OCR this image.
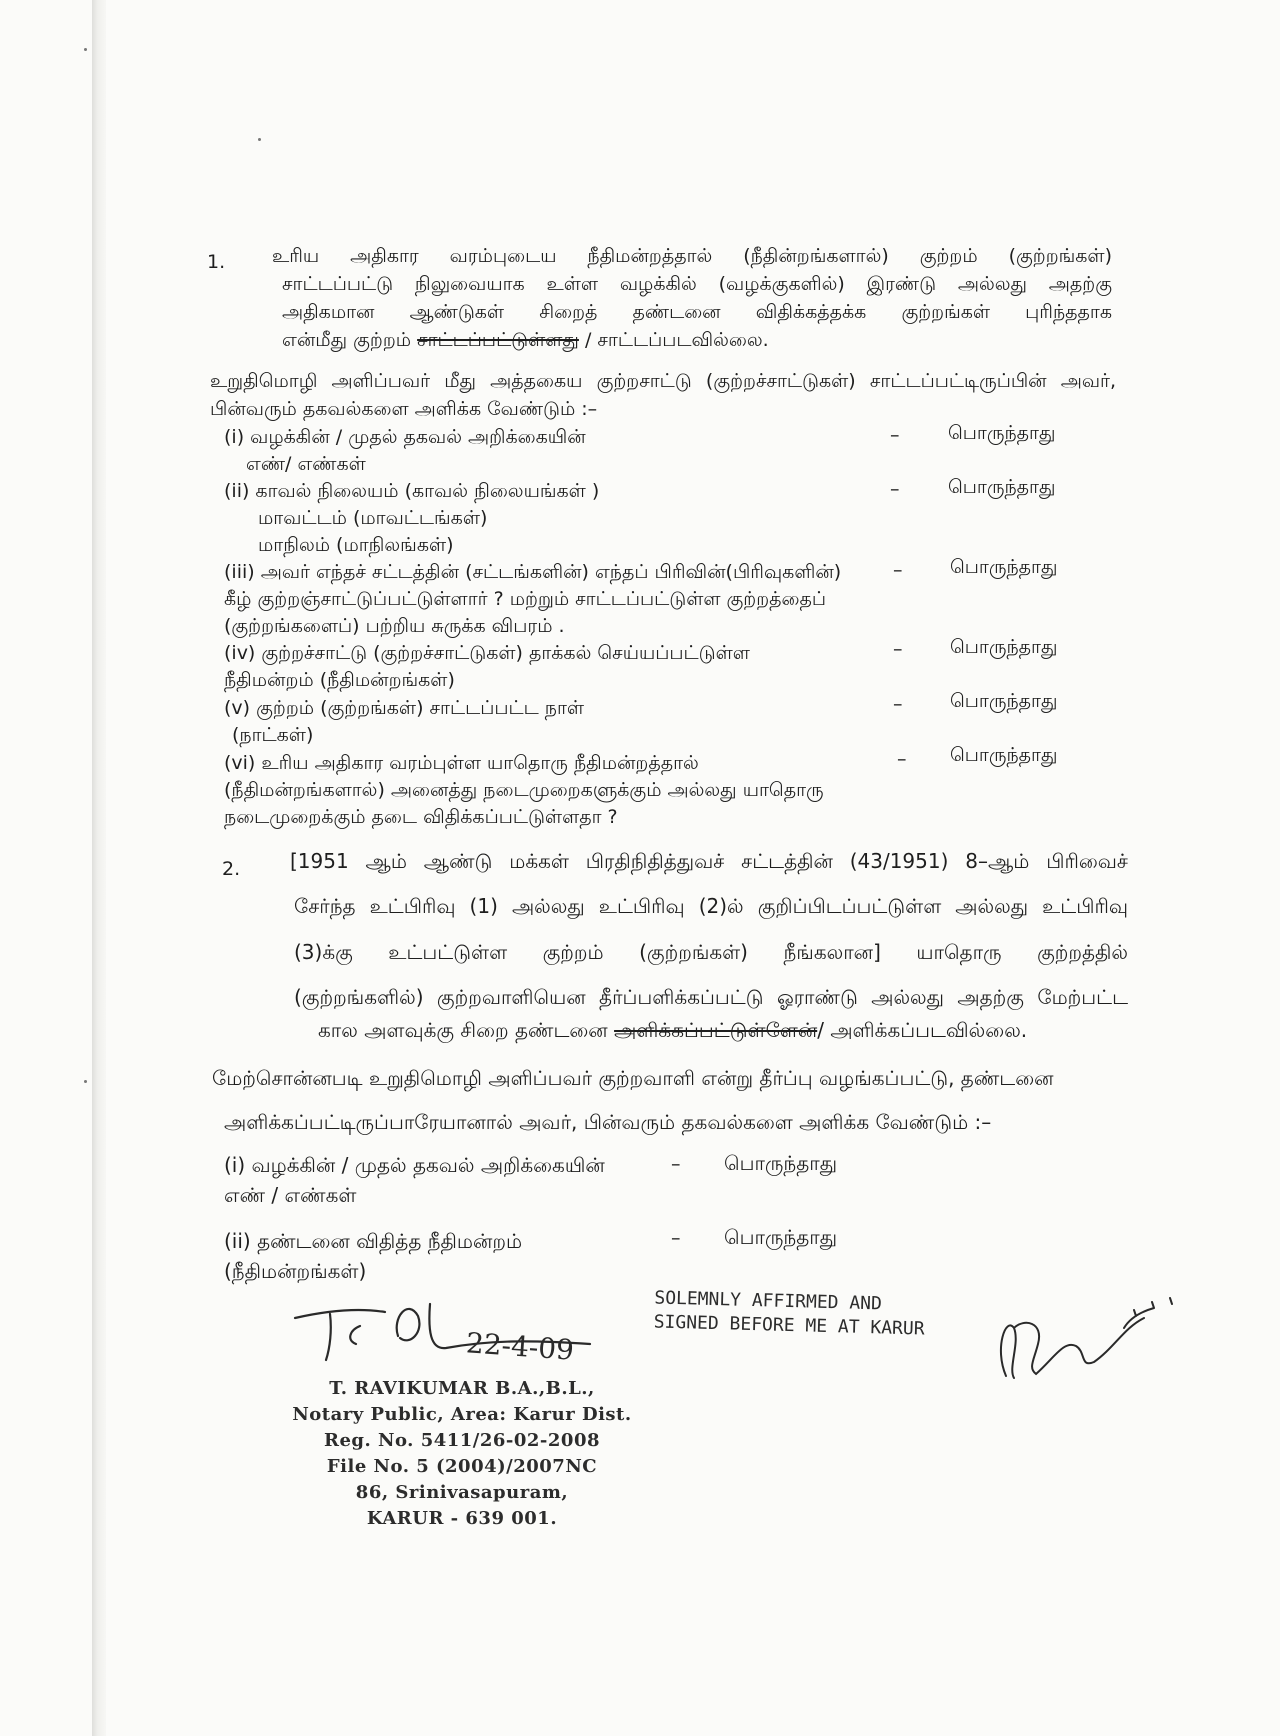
1. உரிய அதிகார வரம்புடைய நீதிமன்றத்தால் (நீதின்றங்களால்) குற்றம் (குற்றங்கள்)
சாட்டப்பட்டு நிலுவையாக உள்ள வழக்கில் (வழக்குகளில்) இரண்டு அல்லது அதற்கு
அதிகமான ஆண்டுகள் சிறைத் தண்டனை விதிக்கத்தக்க குற்றங்கள் புரிந்ததாக
என்மீது குற்றம் சாட்டப்பட்டுள்ளது / சாட்டப்படவில்லை.
உறுதிமொழி அளிப்பவர் மீது அத்தகைய குற்றசாட்டு (குற்றச்சாட்டுகள்) சாட்டப்பட்டிருப்பின் அவர்,
பின்வரும் தகவல்களை அளிக்க வேண்டும் :–
(i) வழக்கின் / முதல் தகவல் அறிக்கையின்
எண்/ எண்கள்
–	பொருந்தாது
(ii) காவல் நிலையம் (காவல் நிலையங்கள் )
மாவட்டம் (மாவட்டங்கள்)
மாநிலம் (மாநிலங்கள்)
–	பொருந்தாது
(iii) அவர் எந்தச் சட்டத்தின் (சட்டங்களின்) எந்தப் பிரிவின்(பிரிவுகளின்)
கீழ் குற்றஞ்சாட்டுப்பட்டுள்ளார் ? மற்றும் சாட்டப்பட்டுள்ள குற்றத்தைப்
(குற்றங்களைப்) பற்றிய சுருக்க விபரம் .
–	பொருந்தாது
(iv) குற்றச்சாட்டு (குற்றச்சாட்டுகள்) தாக்கல் செய்யப்பட்டுள்ள
நீதிமன்றம் (நீதிமன்றங்கள்)
–	பொருந்தாது
(v) குற்றம் (குற்றங்கள்) சாட்டப்பட்ட நாள்
(நாட்கள்)
–	பொருந்தாது
(vi) உரிய அதிகார வரம்புள்ள யாதொரு நீதிமன்றத்தால்
(நீதிமன்றங்களால்) அனைத்து நடைமுறைகளுக்கும் அல்லது யாதொரு
நடைமுறைக்கும் தடை விதிக்கப்பட்டுள்ளதா ?
– பொருந்தாது
2. [1951 ஆம் ஆண்டு மக்கள் பிரதிநிதித்துவச் சட்டத்தின் (43/1951) 8–ஆம் பிரிவைச்
சேர்ந்த உட்பிரிவு (1) அல்லது உட்பிரிவு (2)ல் குறிப்பிடப்பட்டுள்ள அல்லது உட்பிரிவு
(3)க்கு உட்பட்டுள்ள குற்றம் (குற்றங்கள்) நீங்கலான] யாதொரு குற்றத்தில்
(குற்றங்களில்) குற்றவாளியென தீர்ப்பளிக்கப்பட்டு ஓராண்டு அல்லது அதற்கு மேற்பட்ட
கால அளவுக்கு சிறை தண்டனை அளிக்கப்பட்டுள்ளேன்/ அளிக்கப்படவில்லை.
மேற்சொன்னபடி உறுதிமொழி அளிப்பவர் குற்றவாளி என்று தீர்ப்பு வழங்கப்பட்டு, தண்டனை
அளிக்கப்பட்டிருப்பாரேயானால் அவர், பின்வரும் தகவல்களை அளிக்க வேண்டும் :–
(i) வழக்கின் / முதல் தகவல் அறிக்கையின்
எண் / எண்கள்
– பொருந்தாது
(ii) தண்டனை விதித்த நீதிமன்றம்
(நீதிமன்றங்கள்)
– பொருந்தாது
22-4-09
SOLEMNLY AFFIRMED AND
SIGNED BEFORE ME AT KARUR
T. RAVIKUMAR B.A.,B.L.,
Notary Public, Area: Karur Dist.
Reg. No. 5411/26-02-2008
File No. 5 (2004)/2007NC
86, Srinivasapuram,
KARUR - 639 001.
